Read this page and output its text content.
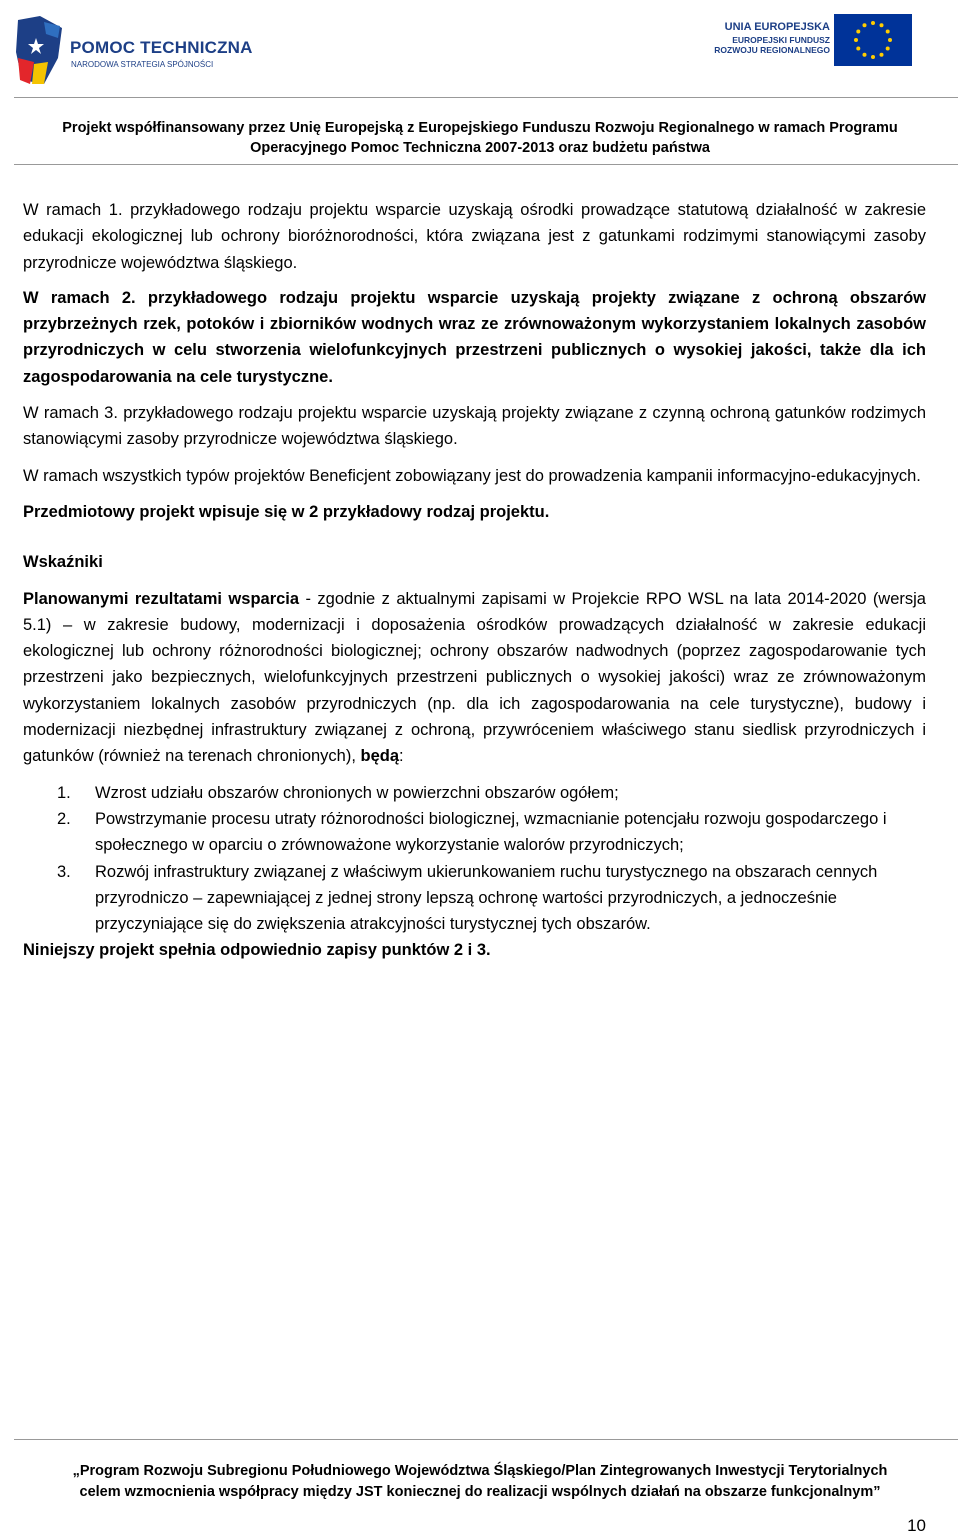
POMOC TECHNICZNA
NARODOWA STRATEGIA SPÓJNOŚCI
UNIA EUROPEJSKA
EUROPEJSKI FUNDUSZ
ROZWOJU REGIONALNEGO
Projekt współfinansowany przez Unię Europejską z Europejskiego Funduszu Rozwoju Regionalnego w ramach Programu
Operacyjnego Pomoc Techniczna 2007-2013 oraz budżetu państwa

W ramach 1. przykładowego rodzaju projektu wsparcie uzyskają ośrodki prowadzące statutową działalność w zakresie edukacji ekologicznej lub ochrony bioróżnorodności, która związana jest z gatunkami rodzimymi stanowiącymi zasoby przyrodnicze województwa śląskiego.

W ramach 2. przykładowego rodzaju projektu wsparcie uzyskają projekty związane z ochroną obszarów przybrzeżnych rzek, potoków i zbiorników wodnych wraz ze zrównoważonym wykorzystaniem lokalnych zasobów przyrodniczych w celu stworzenia wielofunkcyjnych przestrzeni publicznych o wysokiej jakości, także dla ich zagospodarowania na cele turystyczne.

W ramach 3. przykładowego rodzaju projektu wsparcie uzyskają projekty związane z czynną ochroną gatunków rodzimych stanowiącymi zasoby przyrodnicze województwa śląskiego.

W ramach wszystkich typów projektów Beneficjent zobowiązany jest do prowadzenia kampanii informacyjno-edukacyjnych.

Przedmiotowy projekt wpisuje się w 2 przykładowy rodzaj projektu.

Wskaźniki

Planowanymi rezultatami wsparcia - zgodnie z aktualnymi zapisami w Projekcie RPO WSL na lata 2014-2020 (wersja 5.1) – w zakresie budowy, modernizacji i doposażenia ośrodków prowadzących działalność w zakresie edukacji ekologicznej lub ochrony różnorodności biologicznej; ochrony obszarów nadwodnych (poprzez zagospodarowanie tych przestrzeni jako bezpiecznych, wielofunkcyjnych przestrzeni publicznych o wysokiej jakości) wraz ze zrównoważonym wykorzystaniem lokalnych zasobów przyrodniczych (np. dla ich zagospodarowania na cele turystyczne), budowy i modernizacji niezbędnej infrastruktury związanej z ochroną, przywróceniem właściwego stanu siedlisk przyrodniczych i gatunków (również na terenach chronionych), będą:

1. Wzrost udziału obszarów chronionych w powierzchni obszarów ogółem;
2. Powstrzymanie procesu utraty różnorodności biologicznej, wzmacnianie potencjału rozwoju gospodarczego i społecznego w oparciu o zrównoważone wykorzystanie walorów przyrodniczych;
3. Rozwój infrastruktury związanej z właściwym ukierunkowaniem ruchu turystycznego na obszarach cennych przyrodniczo – zapewniającej z jednej strony lepszą ochronę wartości przyrodniczych, a jednocześnie przyczyniające się do zwiększenia atrakcyjności turystycznej tych obszarów.

Niniejszy projekt spełnia odpowiednio zapisy punktów 2 i 3.

„Program Rozwoju Subregionu Południowego Województwa Śląskiego/Plan Zintegrowanych Inwestycji Terytorialnych
celem wzmocnienia współpracy między JST koniecznej do realizacji wspólnych działań na obszarze funkcjonalnym”
10
